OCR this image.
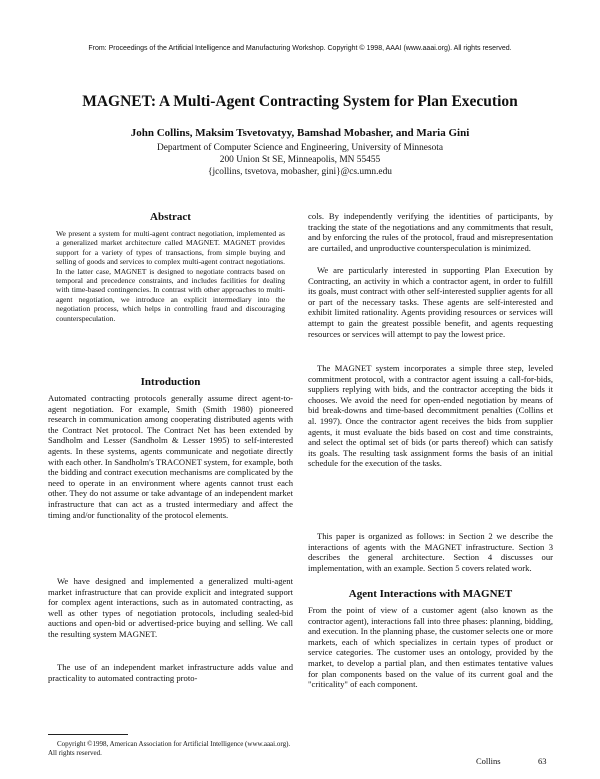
From: Proceedings of the Artificial Intelligence and Manufacturing Workshop. Copyright © 1998, AAAI (www.aaai.org). All rights reserved.
MAGNET: A Multi-Agent Contracting System for Plan Execution
John Collins, Maksim Tsvetovatyy, Bamshad Mobasher, and Maria Gini
Department of Computer Science and Engineering, University of Minnesota
200 Union St SE, Minneapolis, MN 55455
{jcollins, tsvetova, mobasher, gini}@cs.umn.edu
Abstract
We present a system for multi-agent contract negotiation, implemented as a generalized market architecture called MAGNET. MAGNET provides support for a variety of types of transactions, from simple buying and selling of goods and services to complex multi-agent contract negotiations. In the latter case, MAGNET is designed to negotiate contracts based on temporal and precedence constraints, and includes facilities for dealing with time-based contingencies. In contrast with other approaches to multi-agent negotiation, we introduce an explicit intermediary into the negotiation process, which helps in controlling fraud and discouraging counterspeculation.
Introduction
Automated contracting protocols generally assume direct agent-to-agent negotiation. For example, Smith (Smith 1980) pioneered research in communication among cooperating distributed agents with the Contract Net protocol. The Contract Net has been extended by Sandholm and Lesser (Sandholm & Lesser 1995) to self-interested agents. In these systems, agents communicate and negotiate directly with each other. In Sandholm's TRACONET system, for example, both the bidding and contract execution mechanisms are complicated by the need to operate in an environment where agents cannot trust each other. They do not assume or take advantage of an independent market infrastructure that can act as a trusted intermediary and affect the timing and/or functionality of the protocol elements.
We have designed and implemented a generalized multi-agent market infrastructure that can provide explicit and integrated support for complex agent interactions, such as in automated contracting, as well as other types of negotiation protocols, including sealed-bid auctions and open-bid or advertised-price buying and selling. We call the resulting system MAGNET.
The use of an independent market infrastructure adds value and practicality to automated contracting proto-
Copyright ©1998, American Association for Artificial Intelligence (www.aaai.org). All rights reserved.
cols. By independently verifying the identities of participants, by tracking the state of the negotiations and any commitments that result, and by enforcing the rules of the protocol, fraud and misrepresentation are curtailed, and unproductive counterspeculation is minimized.
We are particularly interested in supporting Plan Execution by Contracting, an activity in which a contractor agent, in order to fulfill its goals, must contract with other self-interested supplier agents for all or part of the necessary tasks. These agents are self-interested and exhibit limited rationality. Agents providing resources or services will attempt to gain the greatest possible benefit, and agents requesting resources or services will attempt to pay the lowest price.
The MAGNET system incorporates a simple three step, leveled commitment protocol, with a contractor agent issuing a call-for-bids, suppliers replying with bids, and the contractor accepting the bids it chooses. We avoid the need for open-ended negotiation by means of bid break-downs and time-based decommitment penalties (Collins et al. 1997). Once the contractor agent receives the bids from supplier agents, it must evaluate the bids based on cost and time constraints, and select the optimal set of bids (or parts thereof) which can satisfy its goals. The resulting task assignment forms the basis of an initial schedule for the execution of the tasks.
This paper is organized as follows: in Section 2 we describe the interactions of agents with the MAGNET infrastructure. Section 3 describes the general architecture. Section 4 discusses our implementation, with an example. Section 5 covers related work.
Agent Interactions with MAGNET
From the point of view of a customer agent (also known as the contractor agent), interactions fall into three phases: planning, bidding, and execution. In the planning phase, the customer selects one or more markets, each of which specializes in certain types of product or service categories. The customer uses an ontology, provided by the market, to develop a partial plan, and then estimates tentative values for plan components based on the value of its current goal and the "criticality" of each component.
Collins	63
